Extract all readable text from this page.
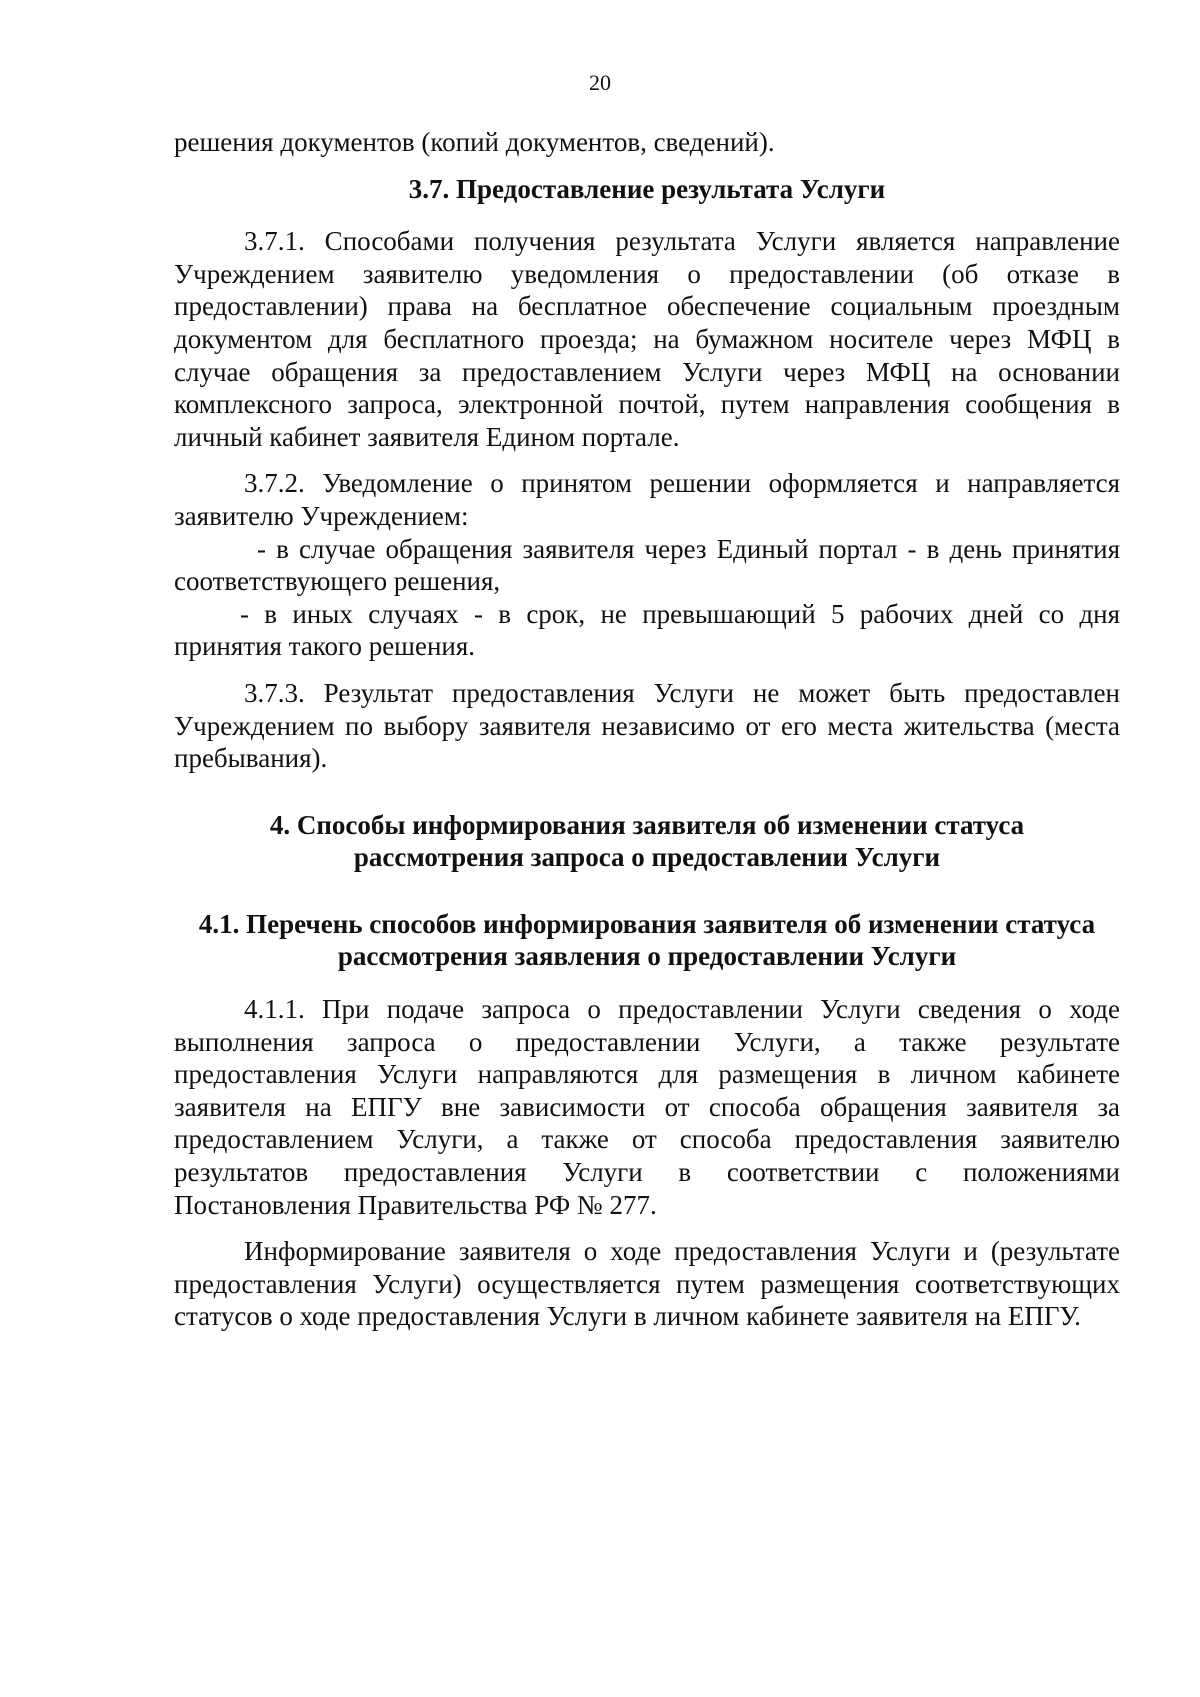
20

решения документов (копий документов, сведений).

3.7. Предоставление результата Услуги

3.7.1. Способами получения результата Услуги является направление Учреждением заявителю уведомления о предоставлении (об отказе в предоставлении) права на бесплатное обеспечение социальным проездным документом для бесплатного проезда; на бумажном носителе через МФЦ в случае обращения за предоставлением Услуги через МФЦ на основании комплексного запроса, электронной почтой, путем направления сообщения в личный кабинет заявителя Едином портале.

3.7.2. Уведомление о принятом решении оформляется и направляется заявителю Учреждением:

- в случае обращения заявителя через Единый портал - в день принятия соответствующего решения,

- в иных случаях - в срок, не превышающий 5 рабочих дней со дня принятия такого решения.

3.7.3. Результат предоставления Услуги не может быть предоставлен Учреждением по выбору заявителя независимо от его места жительства (места пребывания).

4. Способы информирования заявителя об изменении статуса
рассмотрения запроса о предоставлении Услуги
4.1. Перечень способов информирования заявителя об изменении статуса
рассмотрения заявления о предоставлении Услуги

4.1.1. При подаче запроса о предоставлении Услуги сведения о ходе выполнения запроса о предоставлении Услуги, а также результате предоставления Услуги направляются для размещения в личном кабинете заявителя на ЕПГУ вне зависимости от способа обращения заявителя за предоставлением Услуги, а также от способа предоставления заявителю результатов предоставления Услуги в соответствии с положениями Постановления Правительства РФ № 277.

Информирование заявителя о ходе предоставления Услуги и (результате предоставления Услуги) осуществляется путем размещения соответствующих статусов о ходе предоставления Услуги в личном кабинете заявителя на ЕПГУ.
